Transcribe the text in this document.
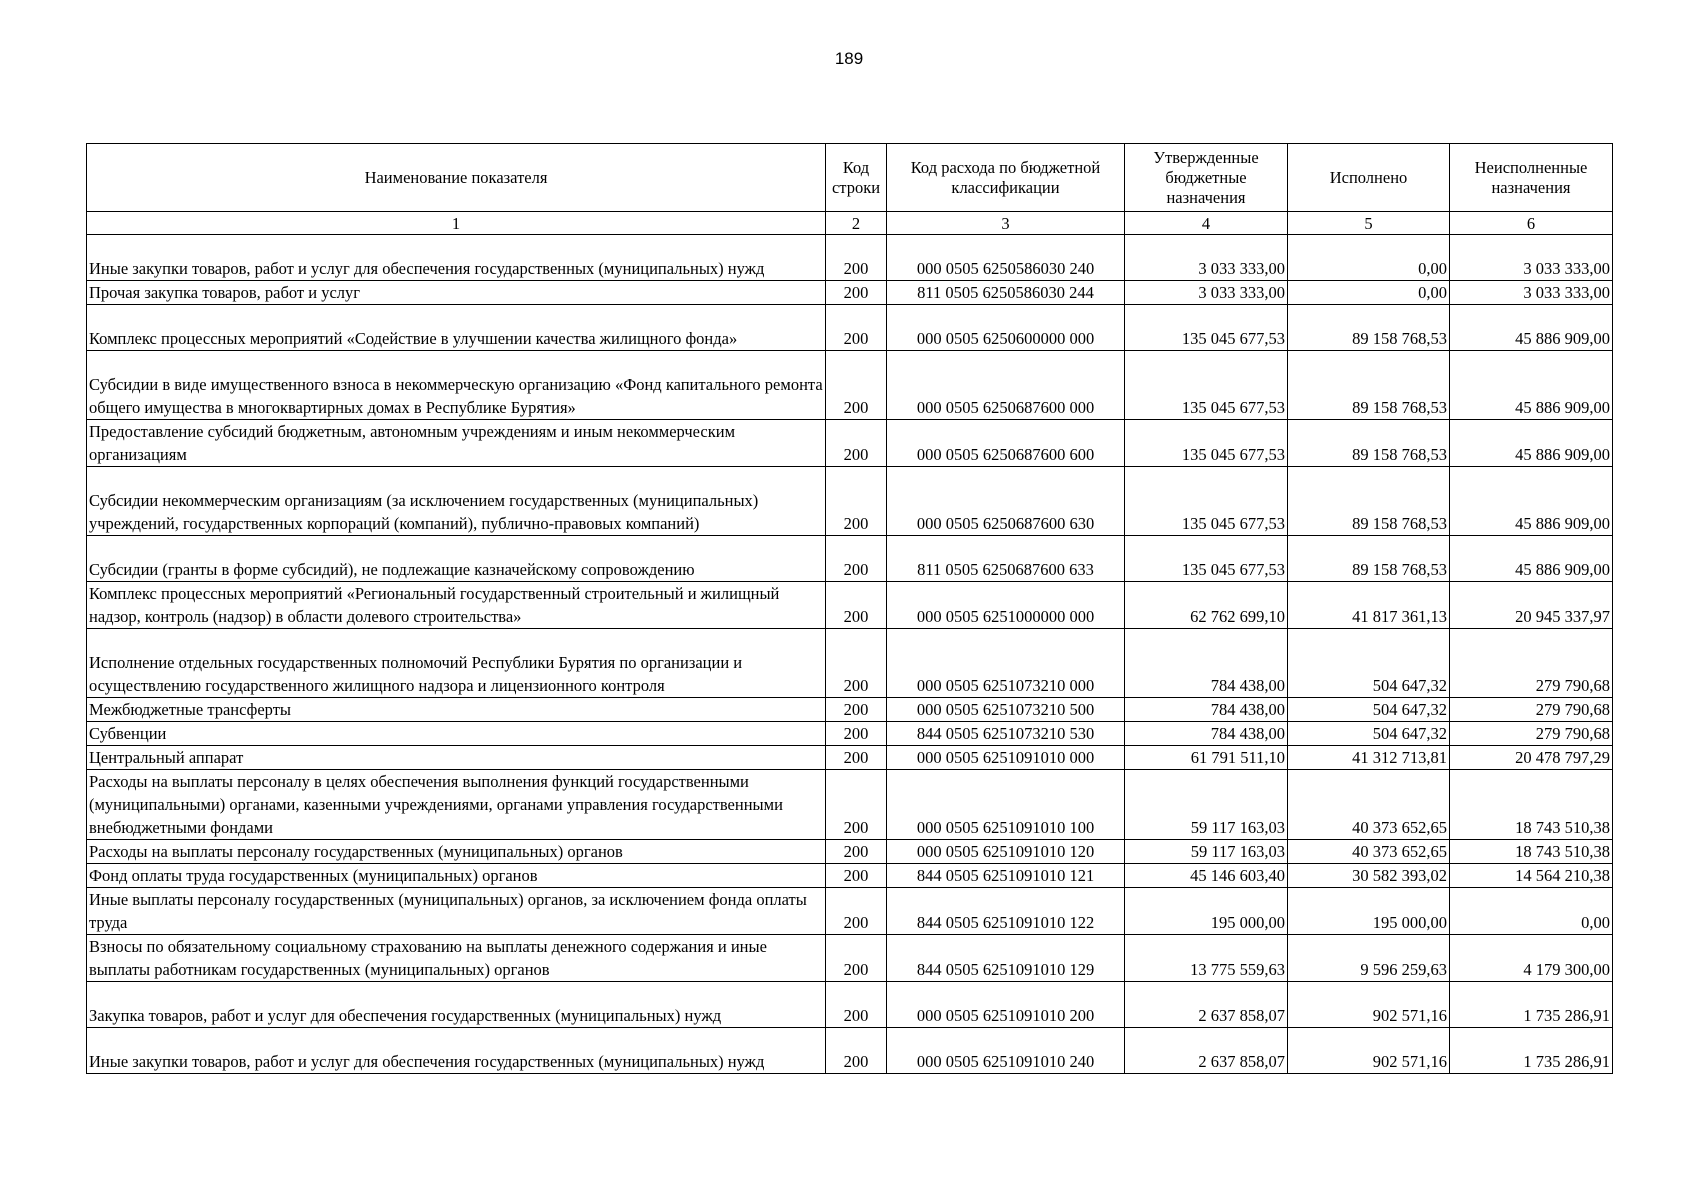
189
Наименование показателя	Код строки	Код расхода по бюджетной классификации	Утвержденные бюджетные назначения	Исполнено	Неисполненные назначения
1	2	3	4	5	6
Иные закупки товаров, работ и услуг для обеспечения государственных (муниципальных) нужд	200	000 0505 6250586030 240	3 033 333,00	0,00	3 033 333,00
Прочая закупка товаров, работ и услуг	200	811 0505 6250586030 244	3 033 333,00	0,00	3 033 333,00
Комплекс процессных мероприятий «Содействие в улучшении качества жилищного фонда»	200	000 0505 6250600000 000	135 045 677,53	89 158 768,53	45 886 909,00
Субсидии в виде имущественного взноса в некоммерческую организацию «Фонд капитального ремонта общего имущества в многоквартирных домах в Республике Бурятия»	200	000 0505 6250687600 000	135 045 677,53	89 158 768,53	45 886 909,00
Предоставление субсидий бюджетным, автономным учреждениям и иным некоммерческим организациям	200	000 0505 6250687600 600	135 045 677,53	89 158 768,53	45 886 909,00
Субсидии некоммерческим организациям (за исключением государственных (муниципальных) учреждений, государственных корпораций (компаний), публично-правовых компаний)	200	000 0505 6250687600 630	135 045 677,53	89 158 768,53	45 886 909,00
Субсидии (гранты в форме субсидий), не подлежащие казначейскому сопровождению	200	811 0505 6250687600 633	135 045 677,53	89 158 768,53	45 886 909,00
Комплекс процессных мероприятий «Региональный государственный строительный и жилищный надзор, контроль (надзор) в области долевого строительства»	200	000 0505 6251000000 000	62 762 699,10	41 817 361,13	20 945 337,97
Исполнение отдельных государственных полномочий Республики Бурятия по организации и осуществлению государственного жилищного надзора и лицензионного контроля	200	000 0505 6251073210 000	784 438,00	504 647,32	279 790,68
Межбюджетные трансферты	200	000 0505 6251073210 500	784 438,00	504 647,32	279 790,68
Субвенции	200	844 0505 6251073210 530	784 438,00	504 647,32	279 790,68
Центральный аппарат	200	000 0505 6251091010 000	61 791 511,10	41 312 713,81	20 478 797,29
Расходы на выплаты персоналу в целях обеспечения выполнения функций государственными (муниципальными) органами, казенными учреждениями, органами управления государственными внебюджетными фондами	200	000 0505 6251091010 100	59 117 163,03	40 373 652,65	18 743 510,38
Расходы на выплаты персоналу государственных (муниципальных) органов	200	000 0505 6251091010 120	59 117 163,03	40 373 652,65	18 743 510,38
Фонд оплаты труда государственных (муниципальных) органов	200	844 0505 6251091010 121	45 146 603,40	30 582 393,02	14 564 210,38
Иные выплаты персоналу государственных (муниципальных) органов, за исключением фонда оплаты труда	200	844 0505 6251091010 122	195 000,00	195 000,00	0,00
Взносы по обязательному социальному страхованию на выплаты денежного содержания и иные выплаты работникам государственных (муниципальных) органов	200	844 0505 6251091010 129	13 775 559,63	9 596 259,63	4 179 300,00
Закупка товаров, работ и услуг для обеспечения государственных (муниципальных) нужд	200	000 0505 6251091010 200	2 637 858,07	902 571,16	1 735 286,91
Иные закупки товаров, работ и услуг для обеспечения государственных (муниципальных) нужд	200	000 0505 6251091010 240	2 637 858,07	902 571,16	1 735 286,91
